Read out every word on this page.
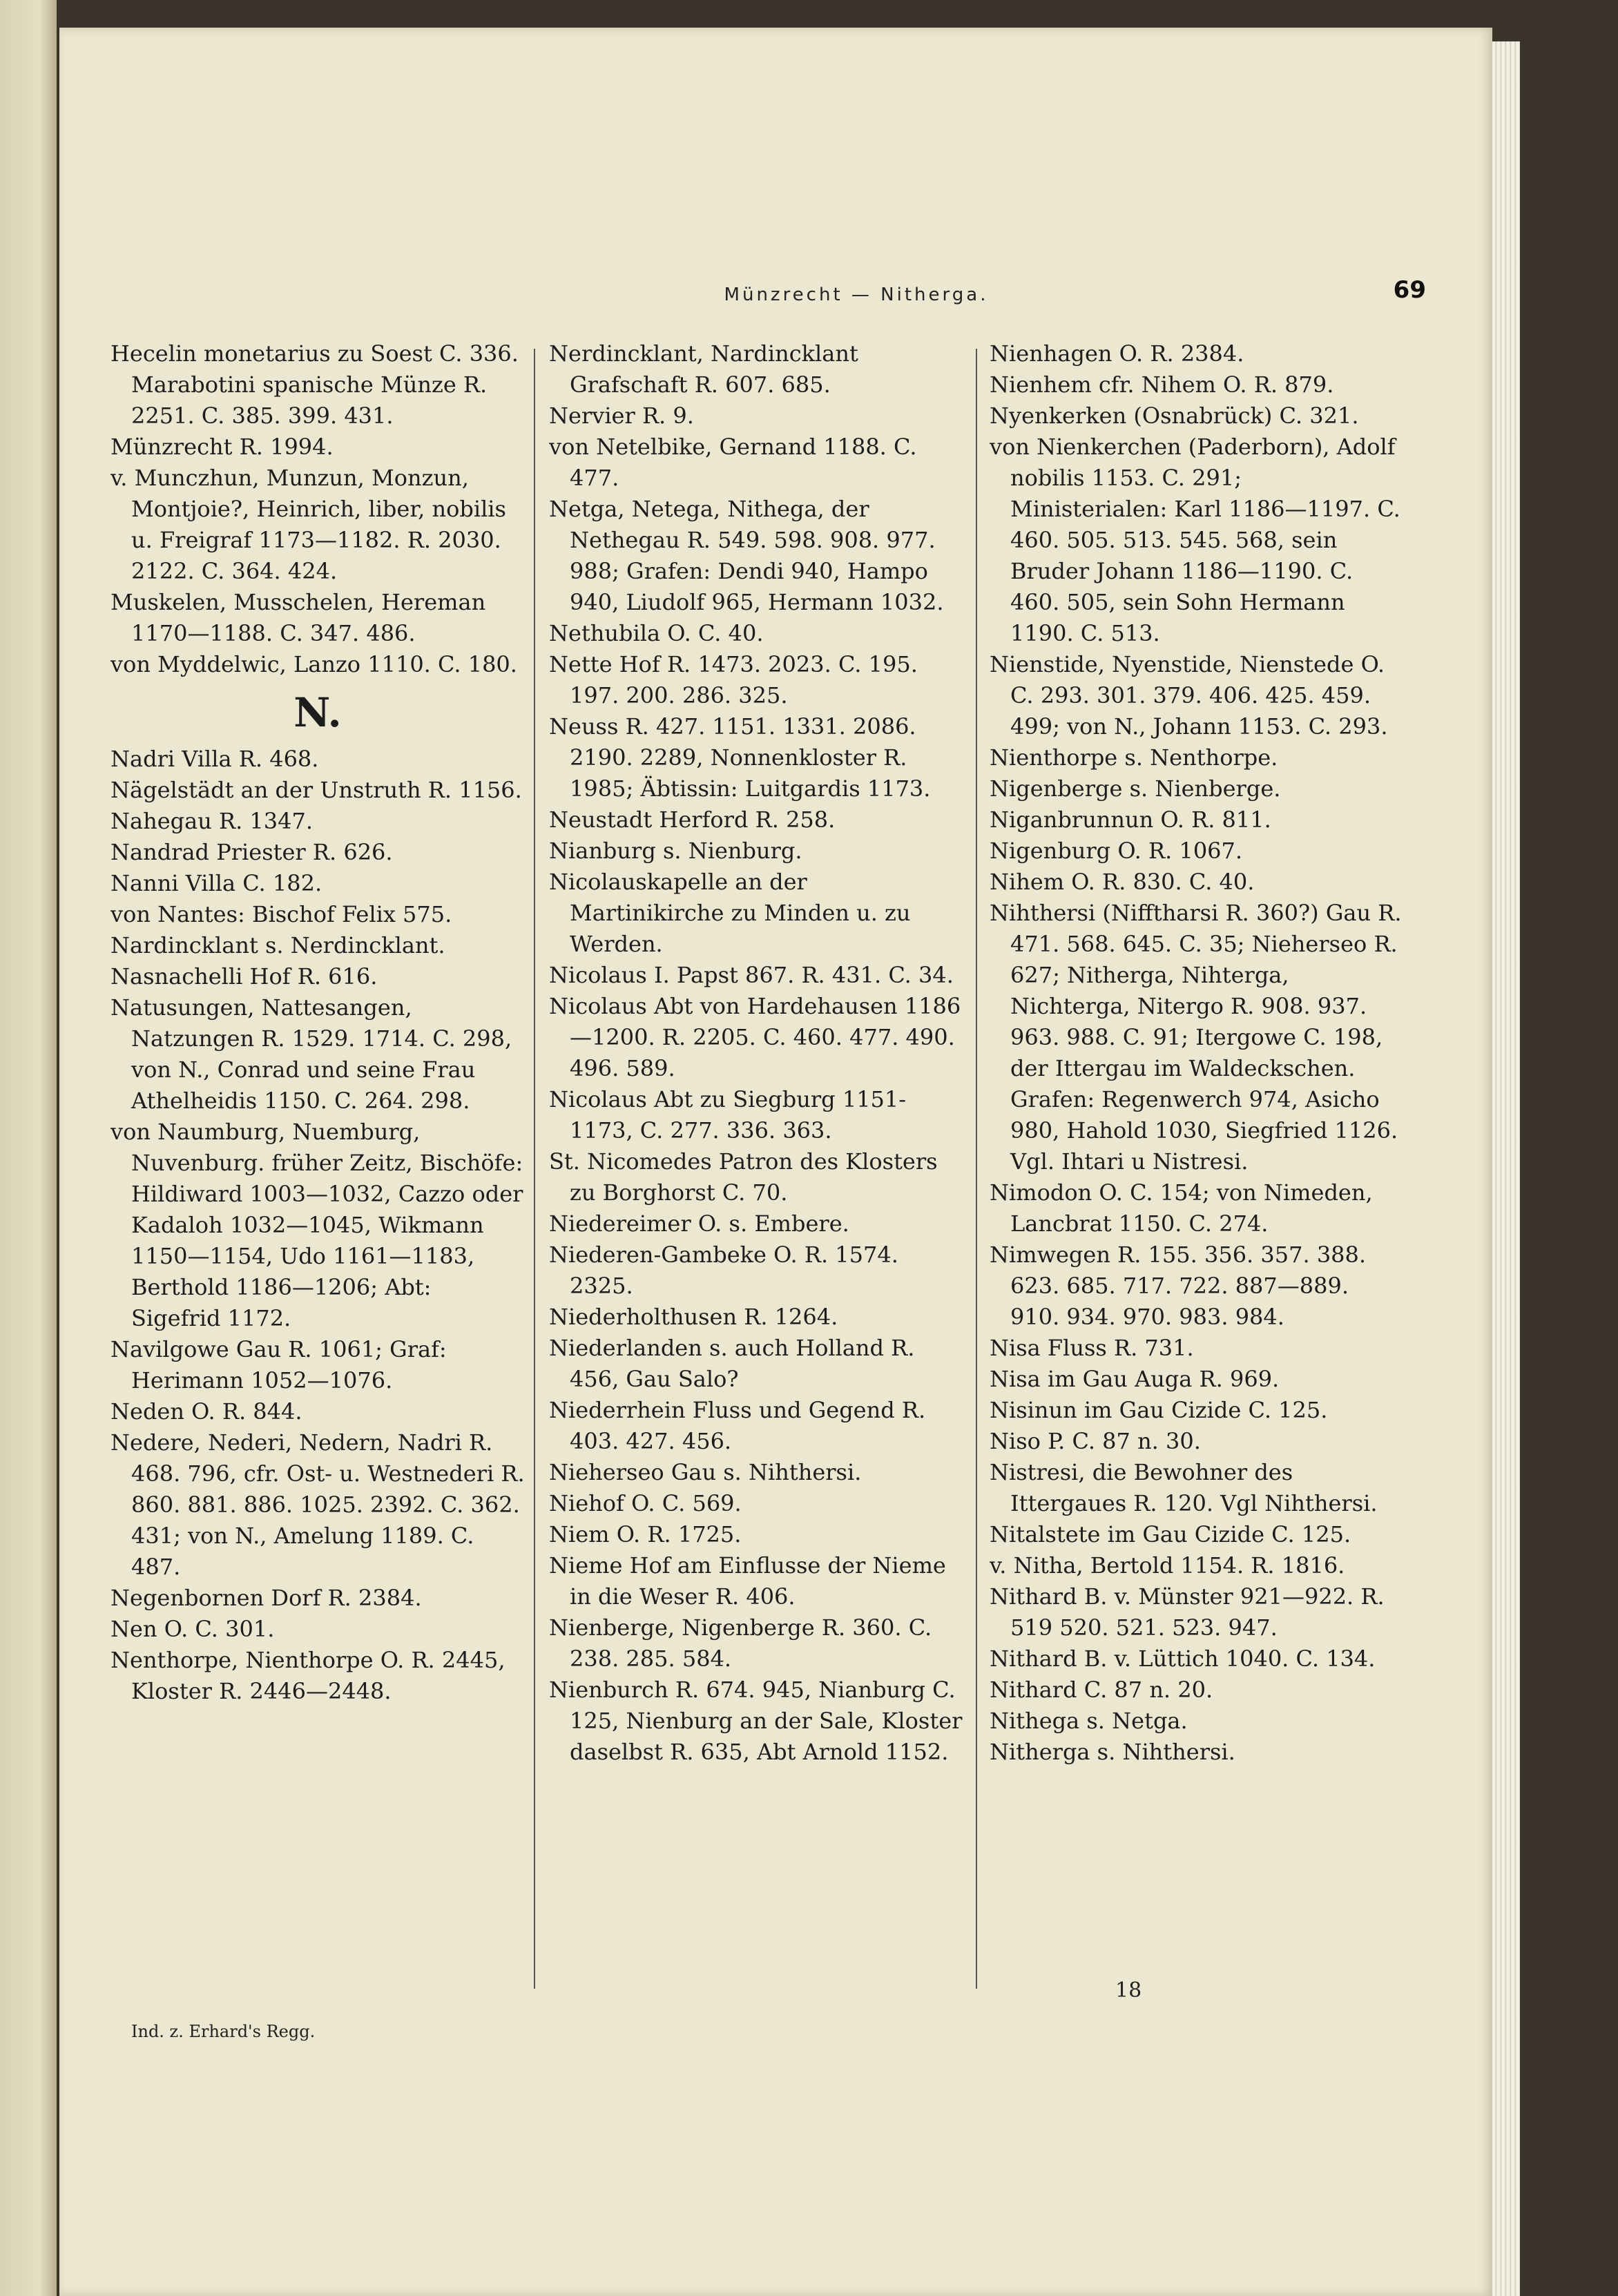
Münzrecht — Nitherga.	69

Hecelin monetarius zu Soest C. 336. Marabotini spanische Münze R. 2251. C. 385. 399. 431.

Münzrecht R. 1994.

v. Munczhun, Munzun, Monzun, Montjoie?, Heinrich, liber, nobilis u. Freigraf 1173—1182. R. 2030. 2122. C. 364. 424.

Muskelen, Musschelen, Hereman 1170—1188. C. 347. 486.

von Myddelwic, Lanzo 1110. C. 180.

N.

Nadri Villa R. 468.

Nägelstädt an der Unstruth R. 1156.

Nahegau R. 1347.

Nandrad Priester R. 626.

Nanni Villa C. 182.

von Nantes: Bischof Felix 575.

Nardincklant s. Nerdincklant.

Nasnachelli Hof R. 616.

Natusungen, Nattesangen, Natzungen R. 1529. 1714. C. 298, von N., Conrad und seine Frau Athelheidis 1150. C. 264. 298.

von Naumburg, Nuemburg, Nuvenburg. früher Zeitz, Bischöfe: Hildiward 1003—1032, Cazzo oder Kadaloh 1032—1045, Wikmann 1150—1154, Udo 1161—1183, Berthold 1186—1206; Abt: Sigefrid 1172.

Navilgowe Gau R. 1061; Graf: Herimann 1052—1076.

Neden O. R. 844.

Nedere, Nederi, Nedern, Nadri R. 468. 796, cfr. Ost- u. Westnederi R. 860. 881. 886. 1025. 2392. C. 362. 431; von N., Amelung 1189. C. 487.

Negenbornen Dorf R. 2384.

Nen O. C. 301.

Nenthorpe, Nienthorpe O. R. 2445, Kloster R. 2446—2448.

Nerdincklant, Nardincklant Grafschaft R. 607. 685.

Nervier R. 9.

von Netelbike, Gernand 1188. C. 477.

Netga, Netega, Nithega, der Nethegau R. 549. 598. 908. 977. 988; Grafen: Dendi 940, Hampo 940, Liudolf 965, Hermann 1032.

Nethubila O. C. 40.

Nette Hof R. 1473. 2023. C. 195. 197. 200. 286. 325.

Neuss R. 427. 1151. 1331. 2086. 2190. 2289, Nonnenkloster R. 1985; Äbtissin: Luitgardis 1173.

Neustadt Herford R. 258.

Nianburg s. Nienburg.

Nicolauskapelle an der Martinikirche zu Minden u. zu Werden.

Nicolaus I. Papst 867. R. 431. C. 34.

Nicolaus Abt von Hardehausen 1186—1200. R. 2205. C. 460. 477. 490. 496. 589.

Nicolaus Abt zu Siegburg 1151-1173, C. 277. 336. 363.

St. Nicomedes Patron des Klosters zu Borghorst C. 70.

Niedereimer O. s. Embere.

Niederen-Gambeke O. R. 1574. 2325.

Niederholthusen R. 1264.

Niederlanden s. auch Holland R. 456, Gau Salo?

Niederrhein Fluss und Gegend R. 403. 427. 456.

Nieherseo Gau s. Nihthersi.

Niehof O. C. 569.

Niem O. R. 1725.

Nieme Hof am Einflusse der Nieme in die Weser R. 406.

Nienberge, Nigenberge R. 360. C. 238. 285. 584.

Nienburch R. 674. 945, Nianburg C. 125, Nienburg an der Sale, Kloster daselbst R. 635, Abt Arnold 1152.

Nienhagen O. R. 2384.

Nienhem cfr. Nihem O. R. 879.

Nyenkerken (Osnabrück) C. 321.

von Nienkerchen (Paderborn), Adolf nobilis 1153. C. 291; Ministerialen: Karl 1186—1197. C. 460. 505. 513. 545. 568, sein Bruder Johann 1186—1190. C. 460. 505, sein Sohn Hermann 1190. C. 513.

Nienstide, Nyenstide, Nienstede O. C. 293. 301. 379. 406. 425. 459. 499; von N., Johann 1153. C. 293.

Nienthorpe s. Nenthorpe.

Nigenberge s. Nienberge.

Niganbrunnun O. R. 811.

Nigenburg O. R. 1067.

Nihem O. R. 830. C. 40.

Nihthersi (Nifftharsi R. 360?) Gau R. 471. 568. 645. C. 35; Nieherseo R. 627; Nitherga, Nihterga, Nichterga, Nitergo R. 908. 937. 963. 988. C. 91; Itergowe C. 198, der Ittergau im Waldeckschen. Grafen: Regenwerch 974, Asicho 980, Hahold 1030, Siegfried 1126. Vgl. Ihtari u Nistresi.

Nimodon O. C. 154; von Nimeden, Lancbrat 1150. C. 274.

Nimwegen R. 155. 356. 357. 388. 623. 685. 717. 722. 887—889. 910. 934. 970. 983. 984.

Nisa Fluss R. 731.

Nisa im Gau Auga R. 969.

Nisinun im Gau Cizide C. 125.

Niso P. C. 87 n. 30.

Nistresi, die Bewohner des Ittergaues R. 120. Vgl Nihthersi.

Nitalstete im Gau Cizide C. 125.

v. Nitha, Bertold 1154. R. 1816.

Nithard B. v. Münster 921—922. R. 519 520. 521. 523. 947.

Nithard B. v. Lüttich 1040. C. 134.

Nithard C. 87 n. 20.

Nithega s. Netga.

Nitherga s. Nihthersi.

Ind. z. Erhard's Regg.
18
